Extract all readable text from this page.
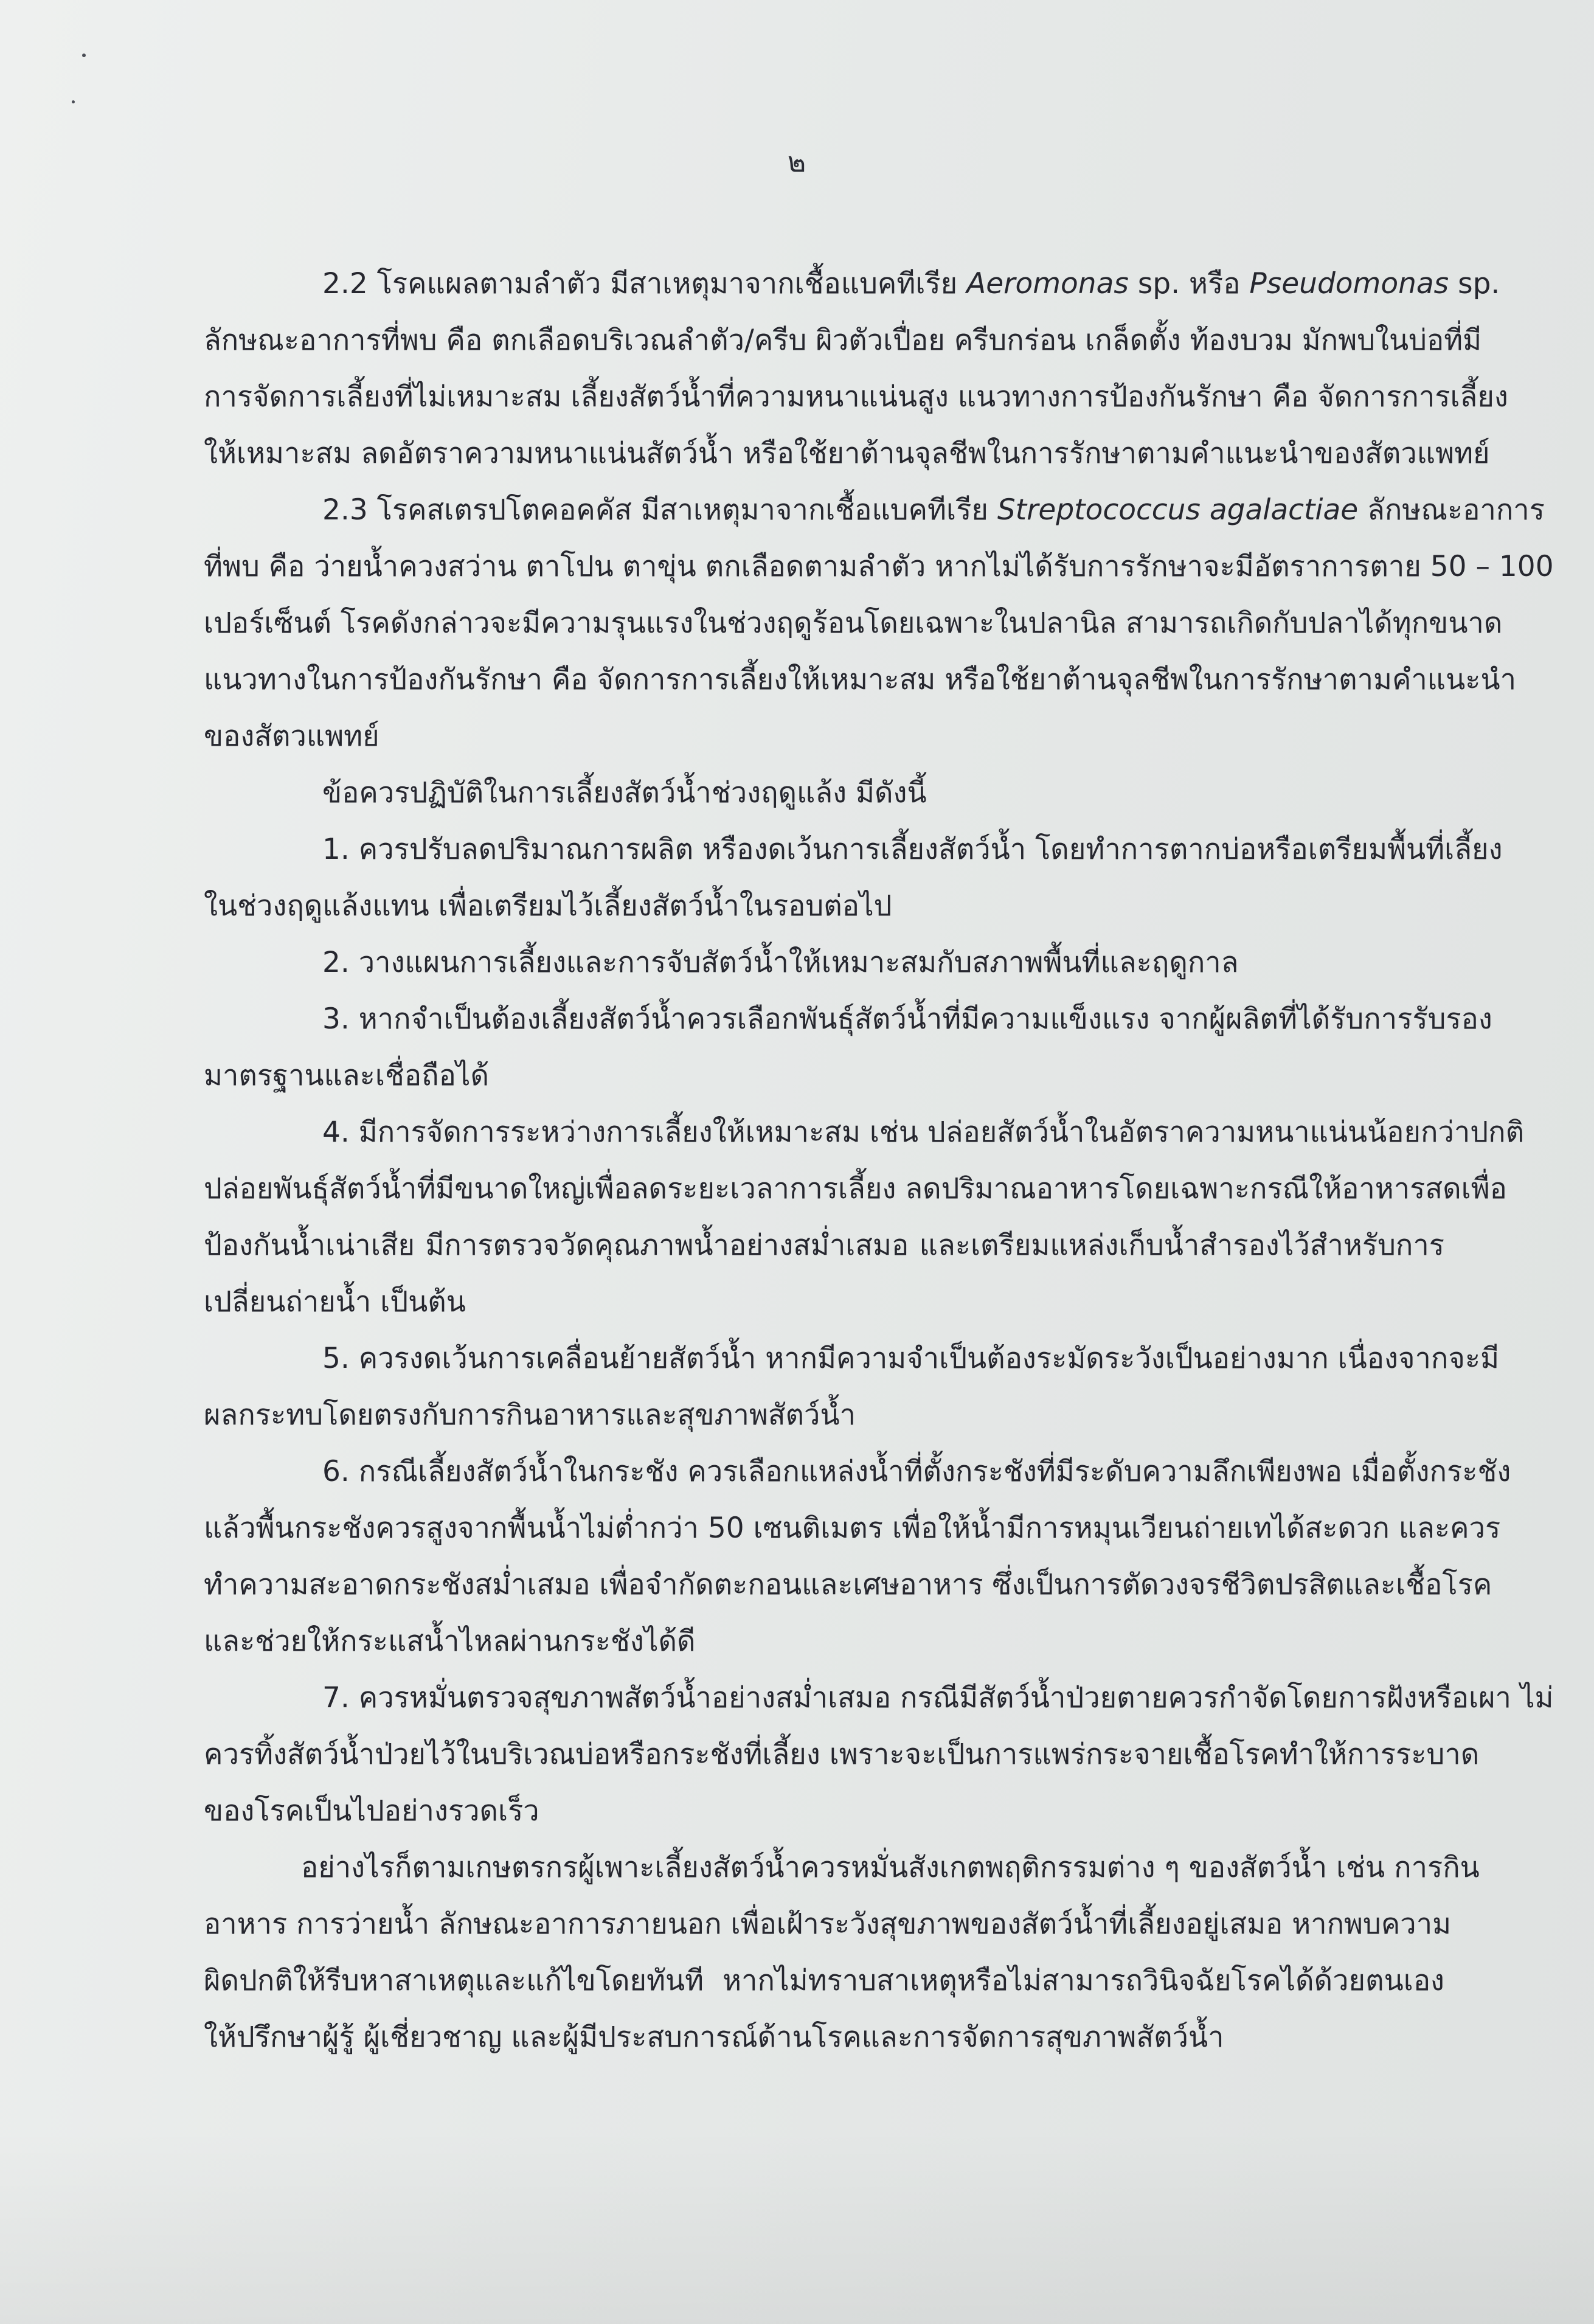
๒
2.2 โรคแผลตามลำตัว มีสาเหตุมาจากเชื้อแบคทีเรีย Aeromonas sp. หรือ Pseudomonas sp.
ลักษณะอาการที่พบ คือ ตกเลือดบริเวณลำตัว/ครีบ ผิวตัวเปื่อย ครีบกร่อน เกล็ดตั้ง ท้องบวม มักพบในบ่อที่มี
การจัดการเลี้ยงที่ไม่เหมาะสม เลี้ยงสัตว์น้ำที่ความหนาแน่นสูง แนวทางการป้องกันรักษา คือ จัดการการเลี้ยง
ให้เหมาะสม ลดอัตราความหนาแน่นสัตว์น้ำ หรือใช้ยาต้านจุลชีพในการรักษาตามคำแนะนำของสัตวแพทย์
2.3 โรคสเตรปโตคอคคัส มีสาเหตุมาจากเชื้อแบคทีเรีย Streptococcus agalactiae ลักษณะอาการ
ที่พบ คือ ว่ายน้ำควงสว่าน ตาโปน ตาขุ่น ตกเลือดตามลำตัว หากไม่ได้รับการรักษาจะมีอัตราการตาย 50 – 100
เปอร์เซ็นต์ โรคดังกล่าวจะมีความรุนแรงในช่วงฤดูร้อนโดยเฉพาะในปลานิล สามารถเกิดกับปลาได้ทุกขนาด
แนวทางในการป้องกันรักษา คือ จัดการการเลี้ยงให้เหมาะสม หรือใช้ยาต้านจุลชีพในการรักษาตามคำแนะนำ
ของสัตวแพทย์
ข้อควรปฏิบัติในการเลี้ยงสัตว์น้ำช่วงฤดูแล้ง มีดังนี้
1. ควรปรับลดปริมาณการผลิต หรืองดเว้นการเลี้ยงสัตว์น้ำ โดยทำการตากบ่อหรือเตรียมพื้นที่เลี้ยง
ในช่วงฤดูแล้งแทน เพื่อเตรียมไว้เลี้ยงสัตว์น้ำในรอบต่อไป
2. วางแผนการเลี้ยงและการจับสัตว์น้ำให้เหมาะสมกับสภาพพื้นที่และฤดูกาล
3. หากจำเป็นต้องเลี้ยงสัตว์น้ำควรเลือกพันธุ์สัตว์น้ำที่มีความแข็งแรง จากผู้ผลิตที่ได้รับการรับรอง
มาตรฐานและเชื่อถือได้
4. มีการจัดการระหว่างการเลี้ยงให้เหมาะสม เช่น ปล่อยสัตว์น้ำในอัตราความหนาแน่นน้อยกว่าปกติ
ปล่อยพันธุ์สัตว์น้ำที่มีขนาดใหญ่เพื่อลดระยะเวลาการเลี้ยง ลดปริมาณอาหารโดยเฉพาะกรณีให้อาหารสดเพื่อ
ป้องกันน้ำเน่าเสีย มีการตรวจวัดคุณภาพน้ำอย่างสม่ำเสมอ และเตรียมแหล่งเก็บน้ำสำรองไว้สำหรับการ
เปลี่ยนถ่ายน้ำ เป็นต้น
5. ควรงดเว้นการเคลื่อนย้ายสัตว์น้ำ หากมีความจำเป็นต้องระมัดระวังเป็นอย่างมาก เนื่องจากจะมี
ผลกระทบโดยตรงกับการกินอาหารและสุขภาพสัตว์น้ำ
6. กรณีเลี้ยงสัตว์น้ำในกระชัง ควรเลือกแหล่งน้ำที่ตั้งกระชังที่มีระดับความลึกเพียงพอ เมื่อตั้งกระชัง
แล้วพื้นกระชังควรสูงจากพื้นน้ำไม่ต่ำกว่า 50 เซนติเมตร เพื่อให้น้ำมีการหมุนเวียนถ่ายเทได้สะดวก และควร
ทำความสะอาดกระชังสม่ำเสมอ เพื่อจำกัดตะกอนและเศษอาหาร ซึ่งเป็นการตัดวงจรชีวิตปรสิตและเชื้อโรค
และช่วยให้กระแสน้ำไหลผ่านกระชังได้ดี
7. ควรหมั่นตรวจสุขภาพสัตว์น้ำอย่างสม่ำเสมอ กรณีมีสัตว์น้ำป่วยตายควรกำจัดโดยการฝังหรือเผา ไม่
ควรทิ้งสัตว์น้ำป่วยไว้ในบริเวณบ่อหรือกระชังที่เลี้ยง เพราะจะเป็นการแพร่กระจายเชื้อโรคทำให้การระบาด
ของโรคเป็นไปอย่างรวดเร็ว
อย่างไรก็ตามเกษตรกรผู้เพาะเลี้ยงสัตว์น้ำควรหมั่นสังเกตพฤติกรรมต่าง ๆ ของสัตว์น้ำ เช่น การกิน
อาหาร การว่ายน้ำ ลักษณะอาการภายนอก เพื่อเฝ้าระวังสุขภาพของสัตว์น้ำที่เลี้ยงอยู่เสมอ หากพบความ
ผิดปกติให้รีบหาสาเหตุและแก้ไขโดยทันที หากไม่ทราบสาเหตุหรือไม่สามารถวินิจฉัยโรคได้ด้วยตนเอง
ให้ปรึกษาผู้รู้ ผู้เชี่ยวชาญ และผู้มีประสบการณ์ด้านโรคและการจัดการสุขภาพสัตว์น้ำ
